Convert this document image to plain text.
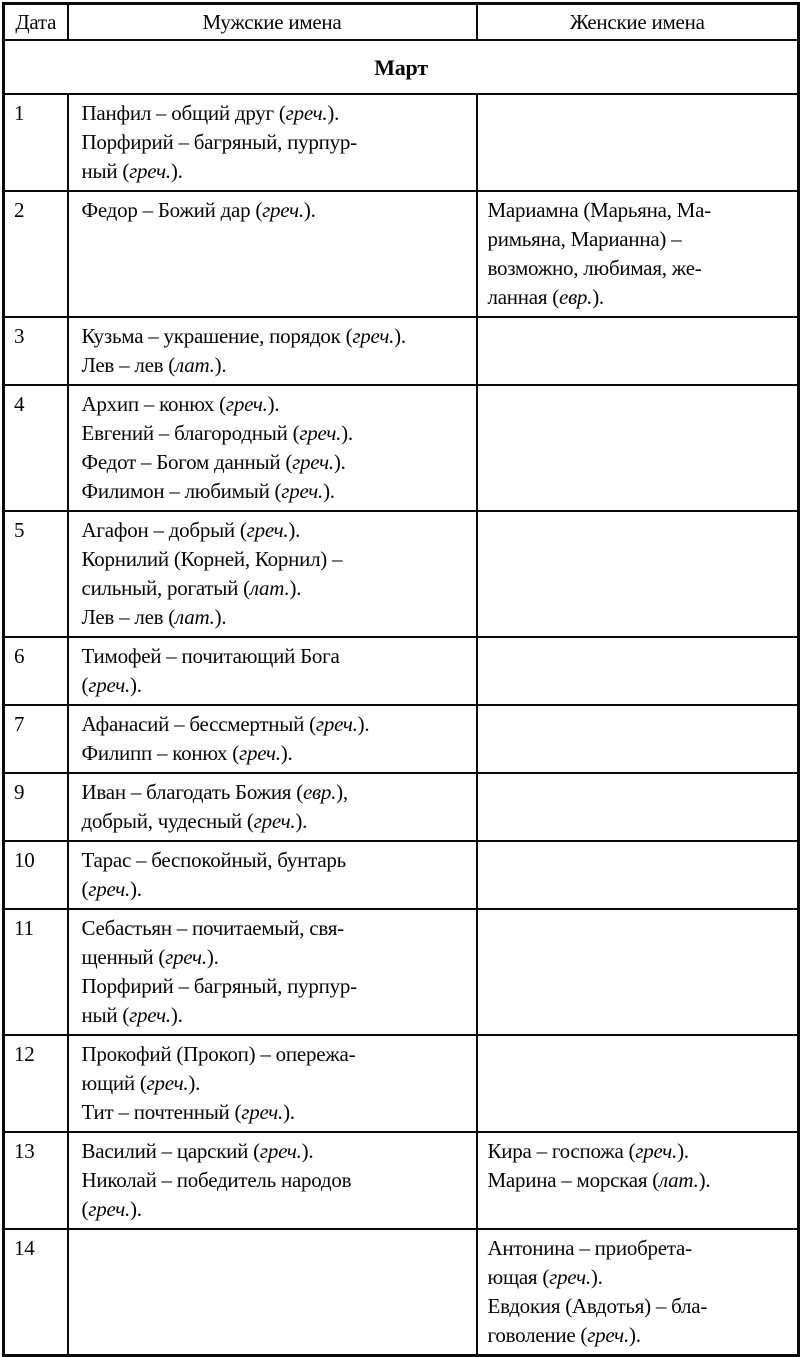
Дата	Мужские имена	Женские имена
Март		
1	Панфил – общий друг (греч.).
Порфирий – багряный, пурпур-
ный (греч.).	
2	Федор – Божий дар (греч.).	Мариамна (Марьяна, Ма-
римьяна, Марианна) –
возможно, любимая, же-
ланная (евр.).
3	Кузьма – украшение, порядок (греч.).
Лев – лев (лат.).	
4	Архип – конюх (греч.).
Евгений – благородный (греч.).
Федот – Богом данный (греч.).
Филимон – любимый (греч.).	
5	Агафон – добрый (греч.).
Корнилий (Корней, Корнил) –
сильный, рогатый (лат.).
Лев – лев (лат.).	
6	Тимофей – почитающий Бога
(греч.).	
7	Афанасий – бессмертный (греч.).
Филипп – конюх (греч.).	
9	Иван – благодать Божия (евр.),
добрый, чудесный (греч.).	
10	Тарас – беспокойный, бунтарь
(греч.).	
11	Себастьян – почитаемый, свя-
щенный (греч.).
Порфирий – багряный, пурпур-
ный (греч.).	
12	Прокофий (Прокоп) – опережа-
ющий (греч.).
Тит – почтенный (греч.).	
13	Василий – царский (греч.).
Николай – победитель народов
(греч.).	Кира – госпожа (греч.).
Марина – морская (лат.).
14		Антонина – приобрета-
ющая (греч.).
Евдокия (Авдотья) – бла-
говоление (греч.).
